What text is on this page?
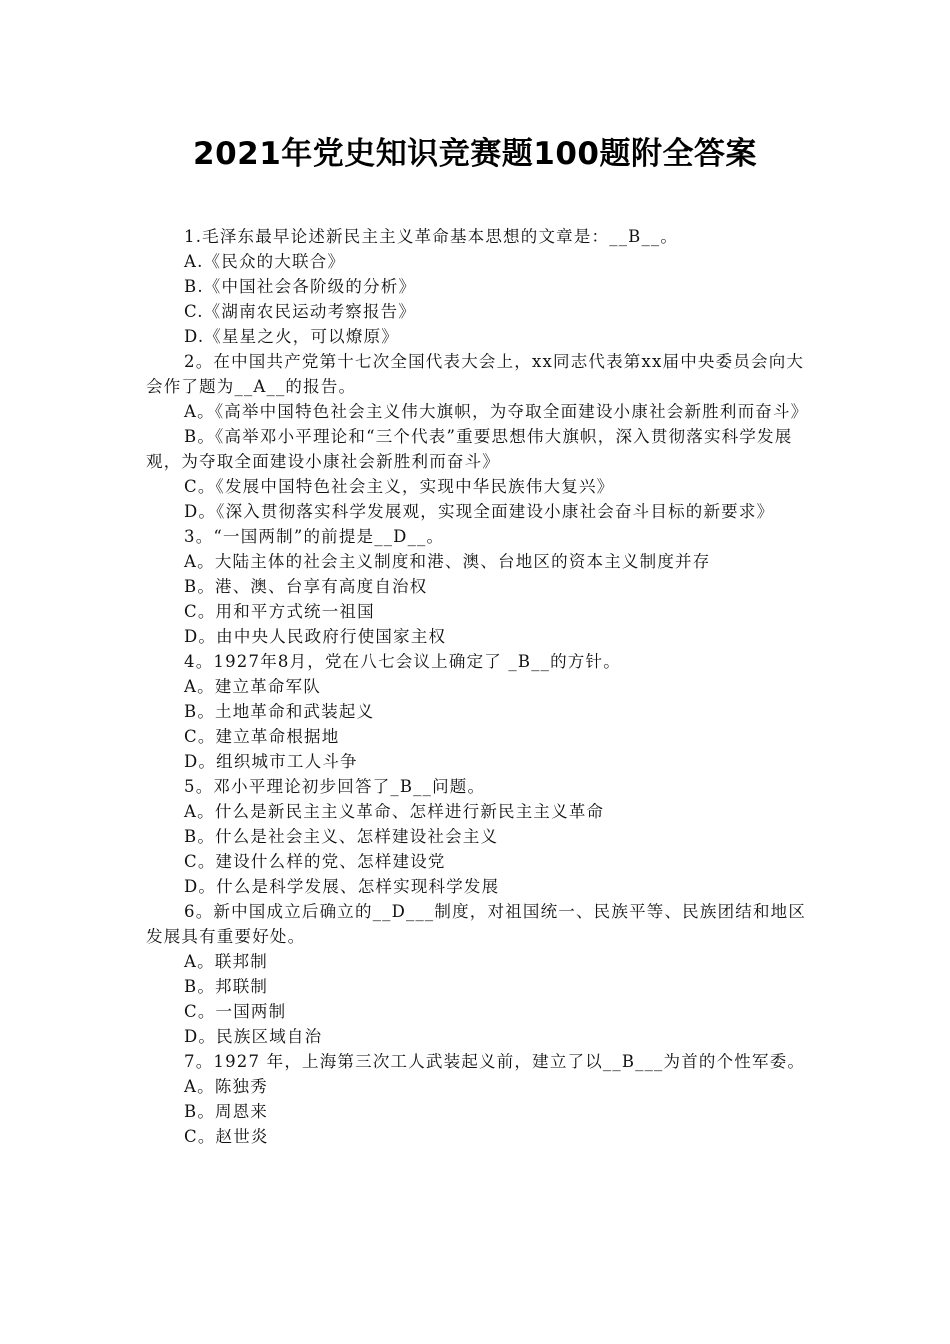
2021年党史知识竞赛题100题附全答案

1.毛泽东最早论述新民主主义革命基本思想的文章是：__B__。

A.《民众的大联合》

B.《中国社会各阶级的分析》

C.《湖南农民运动考察报告》

D.《星星之火，可以燎原》

2。在中国共产党第十七次全国代表大会上，xx同志代表第xx届中央委员会向大会作了题为__A__的报告。

A。《高举中国特色社会主义伟大旗帜，为夺取全面建设小康社会新胜利而奋斗》

B。《高举邓小平理论和“三个代表”重要思想伟大旗帜，深入贯彻落实科学发展观，为夺取全面建设小康社会新胜利而奋斗》

C。《发展中国特色社会主义，实现中华民族伟大复兴》

D。《深入贯彻落实科学发展观，实现全面建设小康社会奋斗目标的新要求》

3。“一国两制”的前提是__D__。

A。大陆主体的社会主义制度和港、澳、台地区的资本主义制度并存

B。港、澳、台享有高度自治权

C。用和平方式统一祖国

D。由中央人民政府行使国家主权

4。1927年8月，党在八七会议上确定了 _B__的方针。

A。建立革命军队

B。土地革命和武装起义

C。建立革命根据地

D。组织城市工人斗争

5。邓小平理论初步回答了_B__问题。

A。什么是新民主主义革命、怎样进行新民主主义革命

B。什么是社会主义、怎样建设社会主义

C。建设什么样的党、怎样建设党

D。什么是科学发展、怎样实现科学发展

6。新中国成立后确立的__D___制度，对祖国统一、民族平等、民族团结和地区发展具有重要好处。

A。联邦制

B。邦联制

C。一国两制

D。民族区域自治

7。1927 年，上海第三次工人武装起义前，建立了以__B___为首的个性军委。

A。陈独秀

B。周恩来

C。赵世炎
